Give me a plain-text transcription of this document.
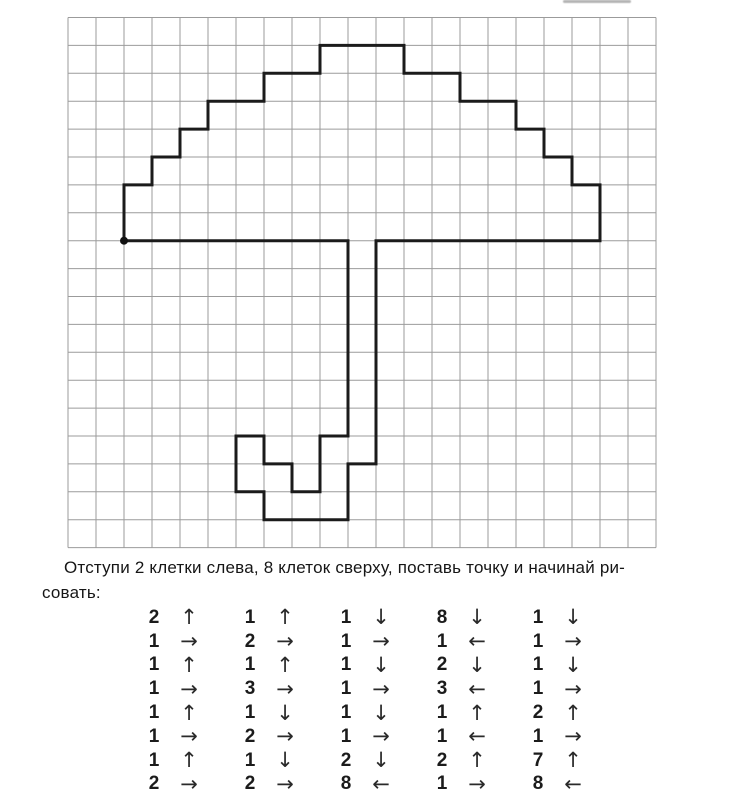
Отступи 2 клетки слева, 8 клеток сверху, поставь точку и начинай ри-
совать:
2 ↑	1 ↑	1 ↓	8 ↓	1 ↓
1 →	2 →	1 →	1 ←	1 →
1 ↑	1 ↑	1 ↓	2 ↓	1 ↓
1 →	3 →	1 →	3 ←	1 →
1 ↑	1 ↓	1 ↓	1 ↑	2 ↑
1 →	2 →	1 →	1 ←	1 →
1 ↑	1 ↓	2 ↓	2 ↑	7 ↑
2 →	2 →	8 ←	1 →	8 ←
